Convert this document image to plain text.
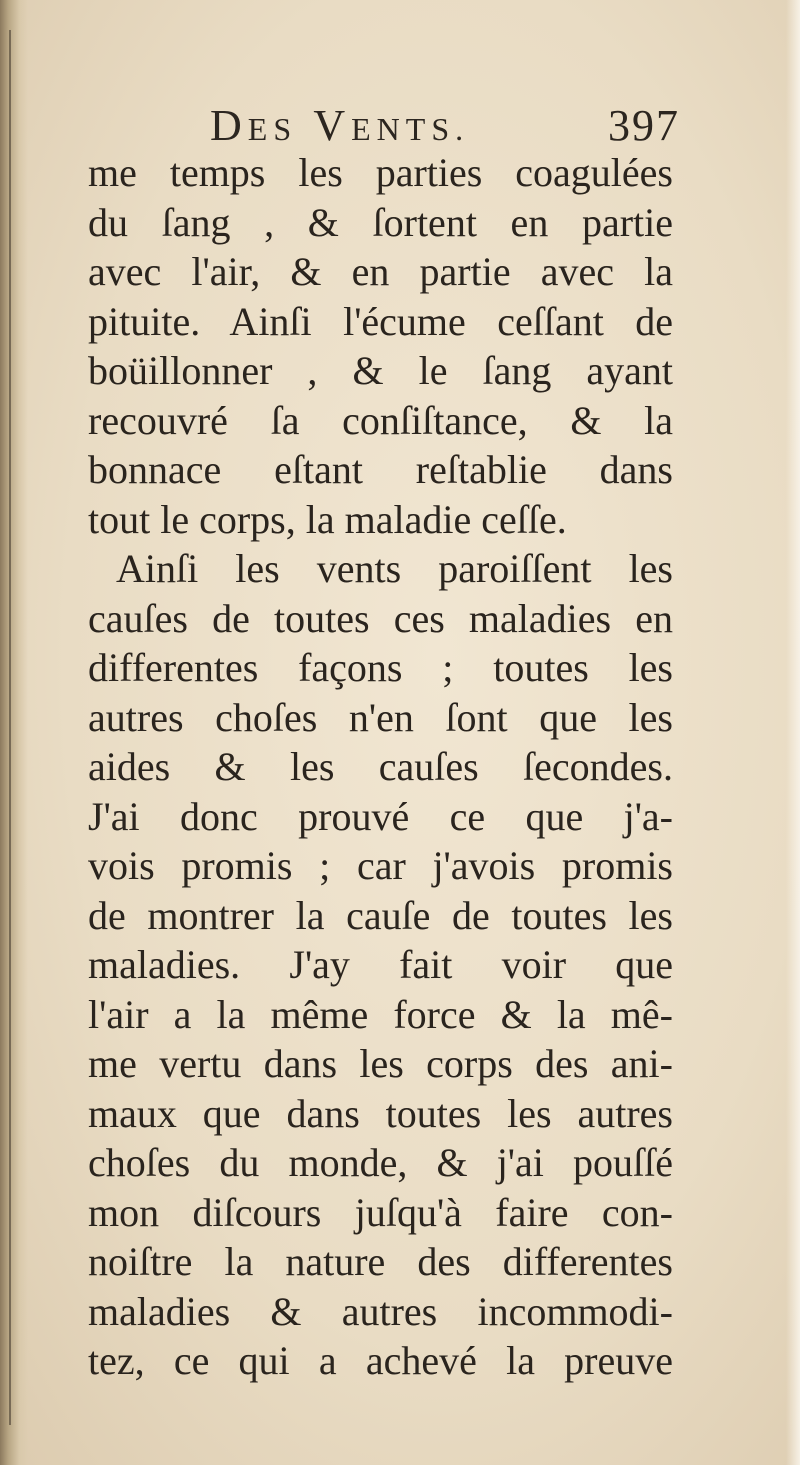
DES VENTS.	397
me temps les parties coagulées
du ſang , & ſortent en partie
avec l'air, & en partie avec la
pituite. Ainſi l'écume ceſſant de
boüillonner , & le ſang ayant
recouvré ſa conſiſtance, & la
bonnace eſtant reſtablie dans
tout le corps, la maladie ceſſe.
Ainſi les vents paroiſſent les
cauſes de toutes ces maladies en
differentes façons ; toutes les
autres choſes n'en ſont que les
aides & les cauſes ſecondes.
J'ai donc prouvé ce que j'a-
vois promis ; car j'avois promis
de montrer la cauſe de toutes les
maladies. J'ay fait voir que
l'air a la même force & la mê-
me vertu dans les corps des ani-
maux que dans toutes les autres
choſes du monde, & j'ai pouſſé
mon diſcours juſqu'à faire con-
noiſtre la nature des differentes
maladies & autres incommodi-
tez, ce qui a achevé la preuve
